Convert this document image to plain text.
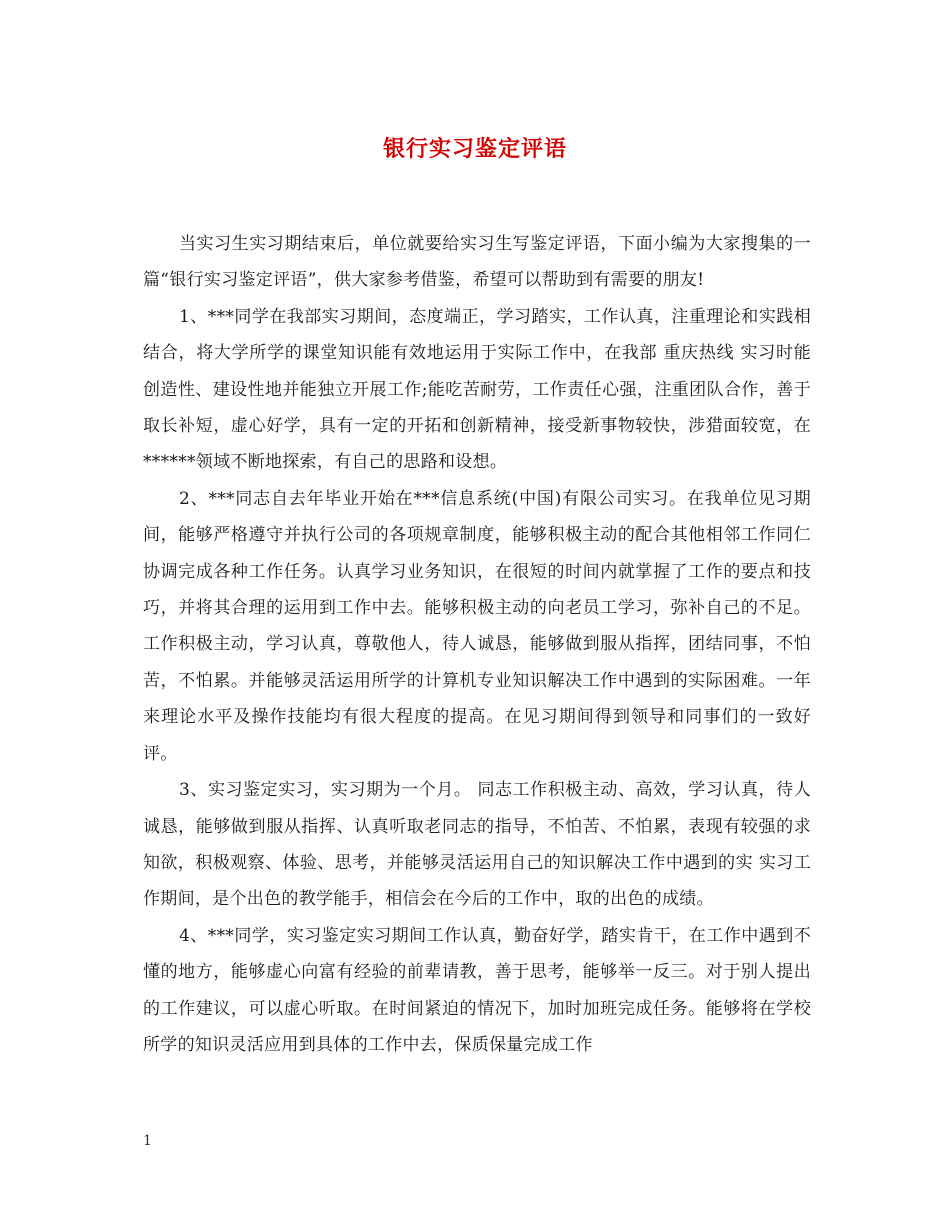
银行实习鉴定评语

当实习生实习期结束后，单位就要给实习生写鉴定评语，下面小编为大家搜集的一篇“银行实习鉴定评语”，供大家参考借鉴，希望可以帮助到有需要的朋友!

1、***同学在我部实习期间，态度端正，学习踏实，工作认真，注重理论和实践相结合，将大学所学的课堂知识能有效地运用于实际工作中，在我部 重庆热线 实习时能创造性、建设性地并能独立开展工作;能吃苦耐劳，工作责任心强，注重团队合作，善于取长补短，虚心好学，具有一定的开拓和创新精神，接受新事物较快，涉猎面较宽，在******领域不断地探索，有自己的思路和设想。

2、***同志自去年毕业开始在***信息系统(中国)有限公司实习。在我单位见习期间，能够严格遵守并执行公司的各项规章制度，能够积极主动的配合其他相邻工作同仁协调完成各种工作任务。认真学习业务知识，在很短的时间内就掌握了工作的要点和技巧，并将其合理的运用到工作中去。能够积极主动的向老员工学习，弥补自己的不足。工作积极主动，学习认真，尊敬他人，待人诚恳，能够做到服从指挥，团结同事，不怕苦，不怕累。并能够灵活运用所学的计算机专业知识解决工作中遇到的实际困难。一年来理论水平及操作技能均有很大程度的提高。在见习期间得到领导和同事们的一致好评。

3、实习鉴定实习，实习期为一个月。 同志工作积极主动、高效，学习认真，待人诚恳，能够做到服从指挥、认真听取老同志的指导，不怕苦、不怕累，表现有较强的求知欲，积极观察、体验、思考，并能够灵活运用自己的知识解决工作中遇到的实 实习工作期间，是个出色的教学能手，相信会在今后的工作中，取的出色的成绩。

4、***同学，实习鉴定实习期间工作认真，勤奋好学，踏实肯干，在工作中遇到不懂的地方，能够虚心向富有经验的前辈请教，善于思考，能够举一反三。对于别人提出的工作建议，可以虚心听取。在时间紧迫的情况下，加时加班完成任务。能够将在学校所学的知识灵活应用到具体的工作中去，保质保量完成工作

1
